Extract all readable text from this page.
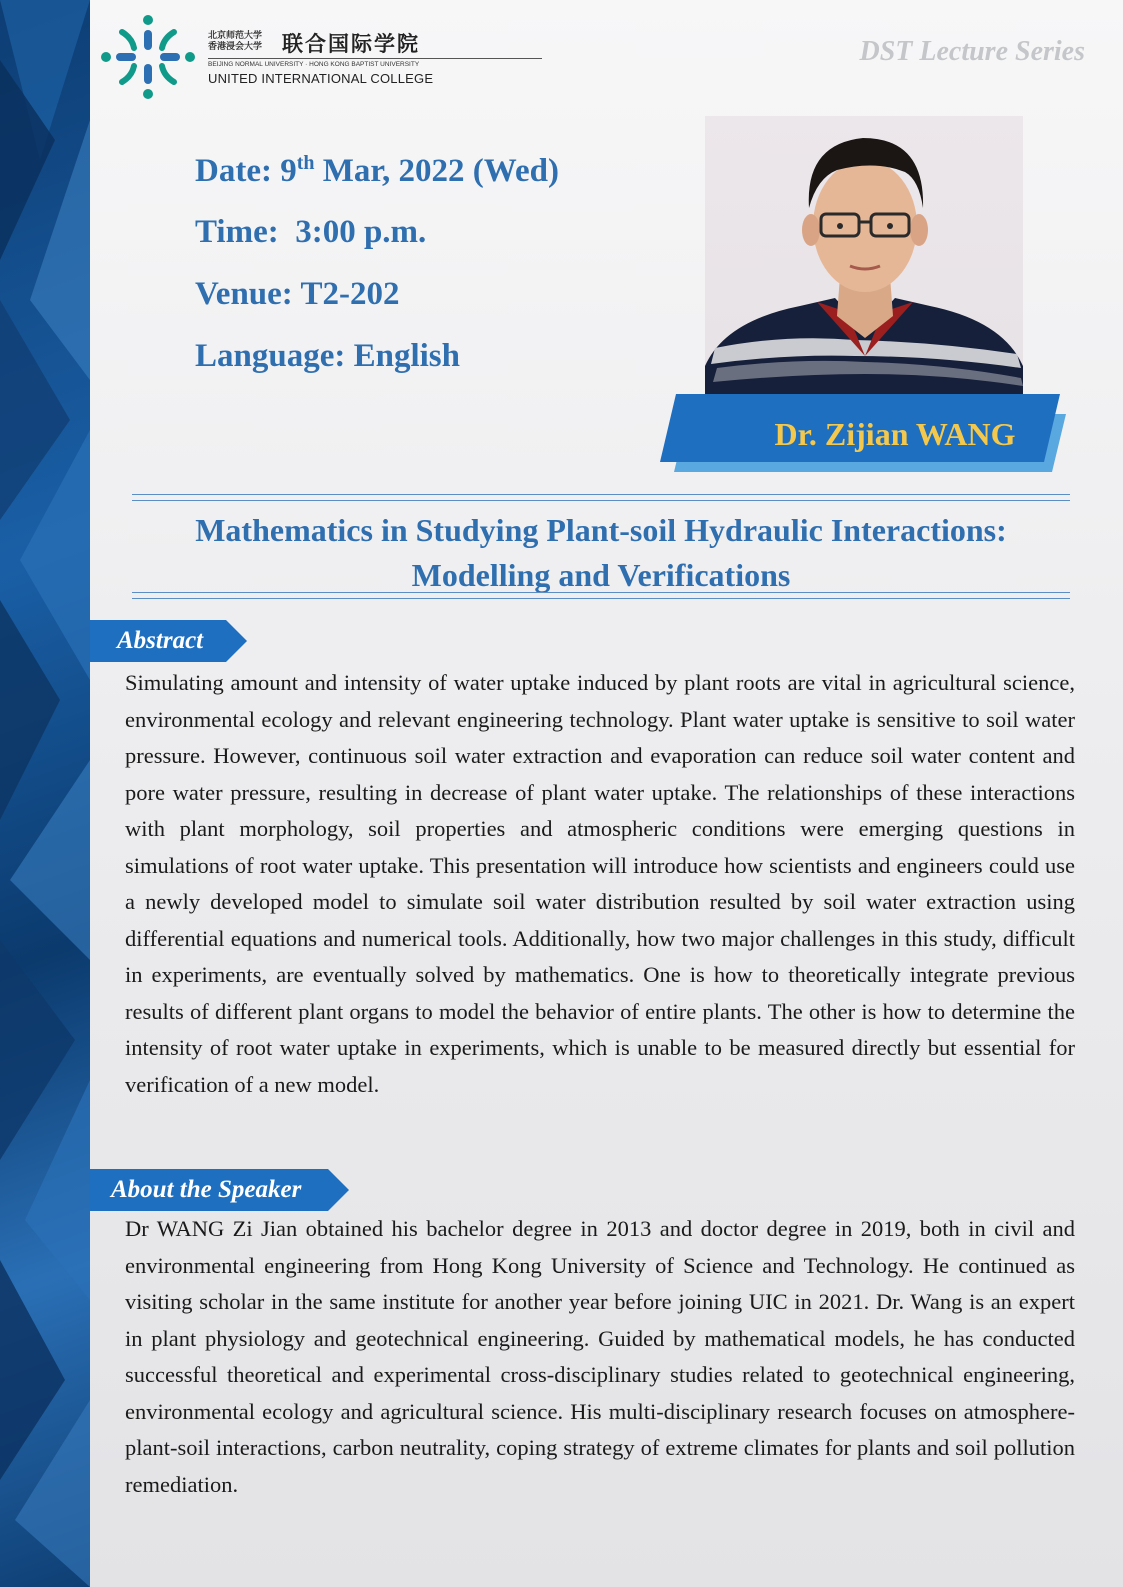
北京师范大学
香港浸会大学 联合国际学院
BEIJING NORMAL UNIVERSITY · HONG KONG BAPTIST UNIVERSITY
UNITED INTERNATIONAL COLLEGE
DST Lecture Series
Date: 9th Mar, 2022 (Wed)
Time: 3:00 p.m.
Venue: T2-202
Language: English
Dr. Zijian WANG
Mathematics in Studying Plant-soil Hydraulic Interactions:
Modelling and Verifications
Abstract

Simulating amount and intensity of water uptake induced by plant roots are vital in agricultural science, environmental ecology and relevant engineering technology. Plant water uptake is sensitive to soil water pressure. However, continuous soil water extraction and evaporation can reduce soil water content and pore water pressure, resulting in decrease of plant water uptake. The relationships of these interactions with plant morphology, soil properties and atmospheric conditions were emerging questions in simulations of root water uptake. This presentation will introduce how scientists and engineers could use a newly developed model to simulate soil water distribution resulted by soil water extraction using differential equations and numerical tools. Additionally, how two major challenges in this study, difficult in experiments, are eventually solved by mathematics. One is how to theoretically integrate previous results of different plant organs to model the behavior of entire plants. The other is how to determine the intensity of root water uptake in experiments, which is unable to be measured directly but essential for verification of a new model.

About the Speaker

Dr WANG Zi Jian obtained his bachelor degree in 2013 and doctor degree in 2019, both in civil and environmental engineering from Hong Kong University of Science and Technology. He continued as visiting scholar in the same institute for another year before joining UIC in 2021. Dr. Wang is an expert in plant physiology and geotechnical engineering. Guided by mathematical models, he has conducted successful theoretical and experimental cross-disciplinary studies related to geotechnical engineering, environmental ecology and agricultural science. His multi-disciplinary research focuses on atmosphere-plant-soil interactions, carbon neutrality, coping strategy of extreme climates for plants and soil pollution remediation.
